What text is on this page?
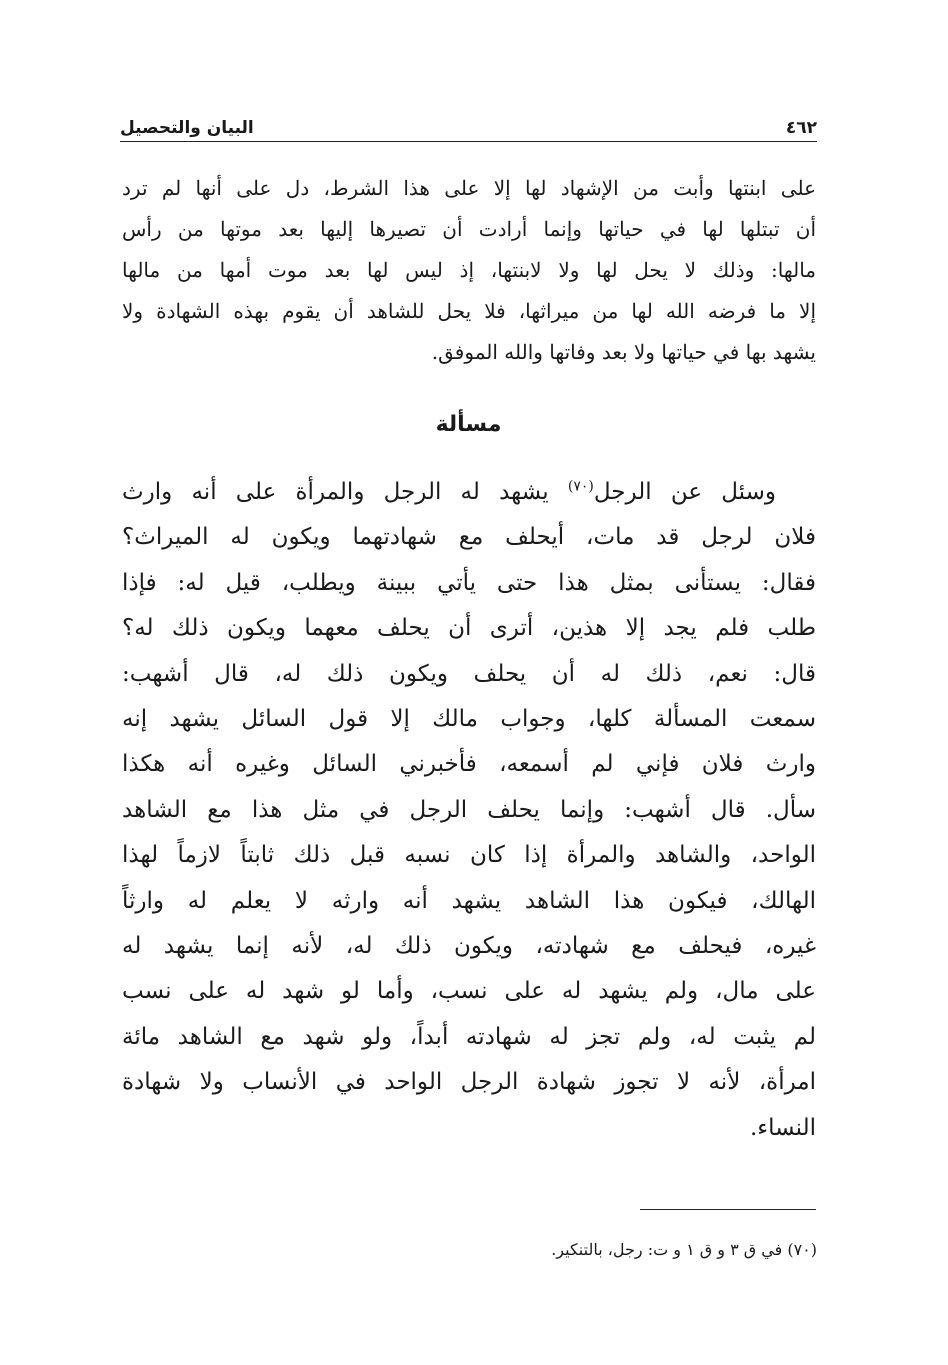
٤٦٢
البيان والتحصيل

على ابنتها وأبت من الإشهاد لها إلا على هذا الشرط، دل على أنها لم ترد
أن تبتلها لها في حياتها وإنما أرادت أن تصيرها إليها بعد موتها من رأس
مالها: وذلك لا يحل لها ولا لابنتها، إذ ليس لها بعد موت أمها من مالها
إلا ما فرضه الله لها من ميراثها، فلا يحل للشاهد أن يقوم بهذه الشهادة ولا
يشهد بها في حياتها ولا بعد وفاتها والله الموفق.

مسألة

وسئل عن الرجل$^{(٧٠)}$ يشهد له الرجل والمرأة على أنه وارث
فلان لرجل قد مات، أيحلف مع شهادتهما ويكون له الميراث؟
فقال: يستأنى بمثل هذا حتى يأتي ببينة ويطلب، قيل له: فإذا
طلب فلم يجد إلا هذين، أترى أن يحلف معهما ويكون ذلك له؟
قال: نعم، ذلك له أن يحلف ويكون ذلك له، قال أشهب:
سمعت المسألة كلها، وجواب مالك إلا قول السائل يشهد إنه
وارث فلان فإني لم أسمعه، فأخبرني السائل وغيره أنه هكذا
سأل. قال أشهب: وإنما يحلف الرجل في مثل هذا مع الشاهد
الواحد، والشاهد والمرأة إذا كان نسبه قبل ذلك ثابتاً لازماً لهذا
الهالك، فيكون هذا الشاهد يشهد أنه وارثه لا يعلم له وارثاً
غيره، فيحلف مع شهادته، ويكون ذلك له، لأنه إنما يشهد له
على مال، ولم يشهد له على نسب، وأما لو شهد له على نسب
لم يثبت له، ولم تجز له شهادته أبداً، ولو شهد مع الشاهد مائة
امرأة، لأنه لا تجوز شهادة الرجل الواحد في الأنساب ولا شهادة
النساء.

(٧٠) في ق ٣ و ق ١ و ت: رجل، بالتنكير.
